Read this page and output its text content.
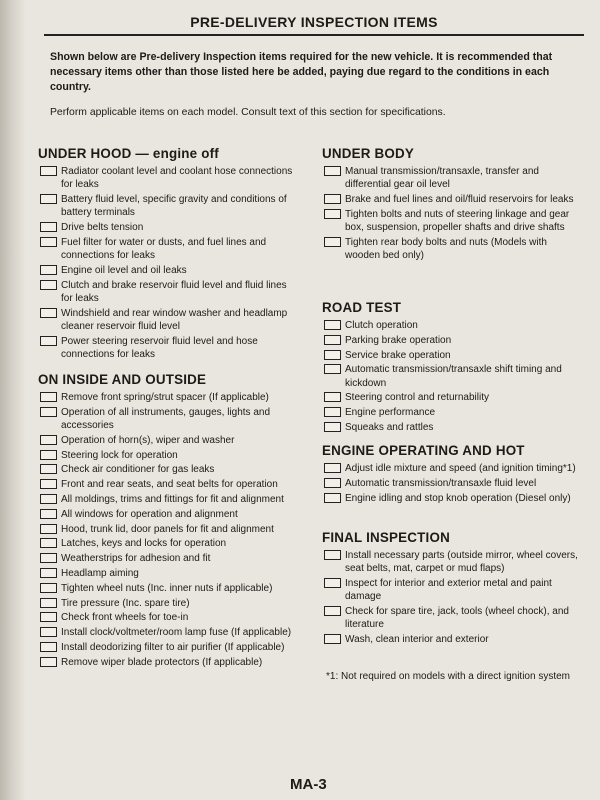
PRE-DELIVERY INSPECTION ITEMS
Shown below are Pre-delivery Inspection items required for the new vehicle. It is recommended that necessary items other than those listed here be added, paying due regard to the conditions in each country.
Perform applicable items on each model. Consult text of this section for specifications.
UNDER HOOD — engine off
Radiator coolant level and coolant hose connections for leaks
Battery fluid level, specific gravity and conditions of battery terminals
Drive belts tension
Fuel filter for water or dusts, and fuel lines and connections for leaks
Engine oil level and oil leaks
Clutch and brake reservoir fluid level and fluid lines for leaks
Windshield and rear window washer and headlamp cleaner reservoir fluid level
Power steering reservoir fluid level and hose connections for leaks
ON INSIDE AND OUTSIDE
Remove front spring/strut spacer (If applicable)
Operation of all instruments, gauges, lights and accessories
Operation of horn(s), wiper and washer
Steering lock for operation
Check air conditioner for gas leaks
Front and rear seats, and seat belts for operation
All moldings, trims and fittings for fit and alignment
All windows for operation and alignment
Hood, trunk lid, door panels for fit and alignment
Latches, keys and locks for operation
Weatherstrips for adhesion and fit
Headlamp aiming
Tighten wheel nuts (Inc. inner nuts if applicable)
Tire pressure (Inc. spare tire)
Check front wheels for toe-in
Install clock/voltmeter/room lamp fuse (If applicable)
Install deodorizing filter to air purifier (If applicable)
Remove wiper blade protectors (If applicable)
UNDER BODY
Manual transmission/transaxle, transfer and differential gear oil level
Brake and fuel lines and oil/fluid reservoirs for leaks
Tighten bolts and nuts of steering linkage and gear box, suspension, propeller shafts and drive shafts
Tighten rear body bolts and nuts (Models with wooden bed only)
ROAD TEST
Clutch operation
Parking brake operation
Service brake operation
Automatic transmission/transaxle shift timing and kickdown
Steering control and returnability
Engine performance
Squeaks and rattles
ENGINE OPERATING AND HOT
Adjust idle mixture and speed (and ignition timing*1)
Automatic transmission/transaxle fluid level
Engine idling and stop knob operation (Diesel only)
FINAL INSPECTION
Install necessary parts (outside mirror, wheel covers, seat belts, mat, carpet or mud flaps)
Inspect for interior and exterior metal and paint damage
Check for spare tire, jack, tools (wheel chock), and literature
Wash, clean interior and exterior
*1: Not required on models with a direct ignition system
MA-3
